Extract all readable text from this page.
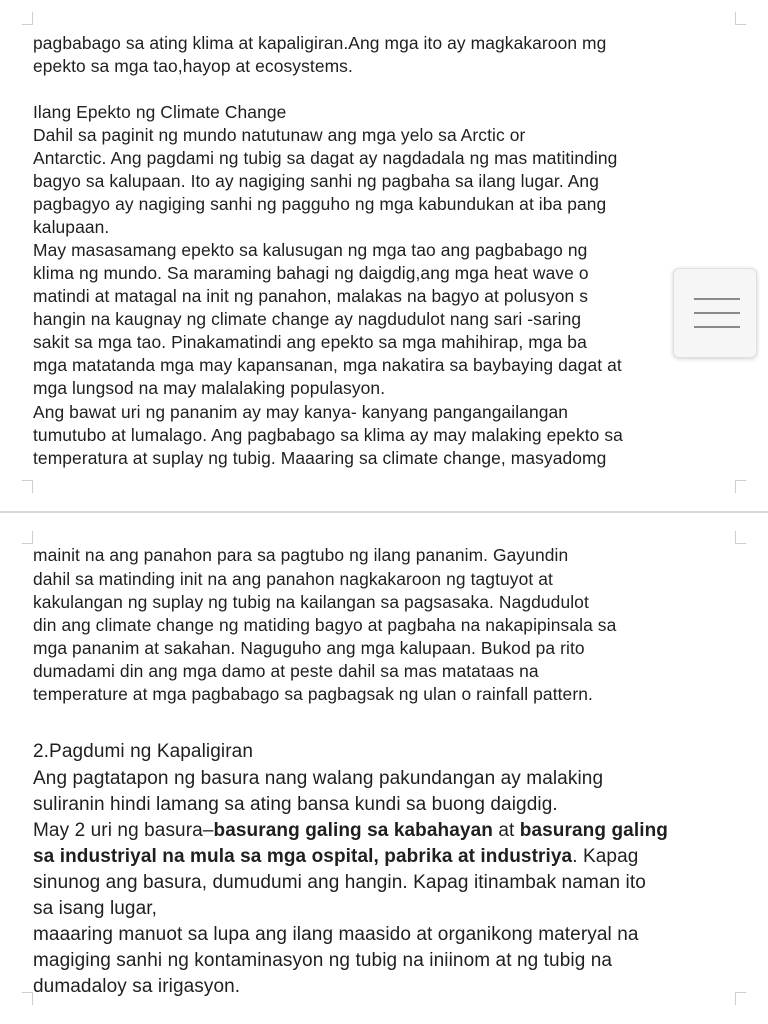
pagbabago sa ating klima at kapaligiran.Ang mga ito ay magkakaroon mg
epekto sa mga tao,hayop at ecosystems.
Ilang Epekto ng Climate Change
Dahil sa paginit ng mundo natutunaw ang mga yelo sa Arctic or
Antarctic. Ang pagdami ng tubig sa dagat ay nagdadala ng mas matitinding
bagyo sa kalupaan. Ito ay nagiging sanhi ng pagbaha sa ilang lugar. Ang
pagbagyo ay nagiging sanhi ng pagguho ng mga kabundukan at iba pang
kalupaan.
May masasamang epekto sa kalusugan ng mga tao ang pagbabago ng
klima ng mundo. Sa maraming bahagi ng daigdig,ang mga heat wave o
matindi at matagal na init ng panahon, malakas na bagyo at polusyon s
hangin na kaugnay ng climate change ay nagdudulot nang sari -saring
sakit sa mga tao. Pinakamatindi ang epekto sa mga mahihirap, mga ba
mga matatanda mga may kapansanan, mga nakatira sa baybaying dagat at
mga lungsod na may malalaking populasyon.
Ang bawat uri ng pananim ay may kanya- kanyang pangangailangan
tumutubo at lumalago. Ang pagbabago sa klima ay may malaking epekto sa
temperatura at suplay ng tubig. Maaaring sa climate change, masyadomg
mainit na ang panahon para sa pagtubo ng ilang pananim. Gayundin
dahil sa matinding init na ang panahon nagkakaroon ng tagtuyot at
kakulangan ng suplay ng tubig na kailangan sa pagsasaka. Nagdudulot
din ang climate change ng matiding bagyo at pagbaha na nakapipinsala sa
mga pananim at sakahan. Naguguho ang mga kalupaan. Bukod pa rito
dumadami din ang mga damo at peste dahil sa mas matataas na
temperature at mga pagbabago sa pagbagsak ng ulan o rainfall pattern.
2.Pagdumi ng Kapaligiran
Ang pagtatapon ng basura nang walang pakundangan ay malaking
suliranin hindi lamang sa ating bansa kundi sa buong daigdig.
May 2 uri ng basura–basurang galing sa kabahayan at basurang galing
sa industriyal na mula sa mga ospital, pabrika at industriya. Kapag
sinunog ang basura, dumudumi ang hangin. Kapag itinambak naman ito
sa isang lugar,
maaaring manuot sa lupa ang ilang maasido at organikong materyal na
magiging sanhi ng kontaminasyon ng tubig na iniinom at ng tubig na
dumadaloy sa irigasyon.
